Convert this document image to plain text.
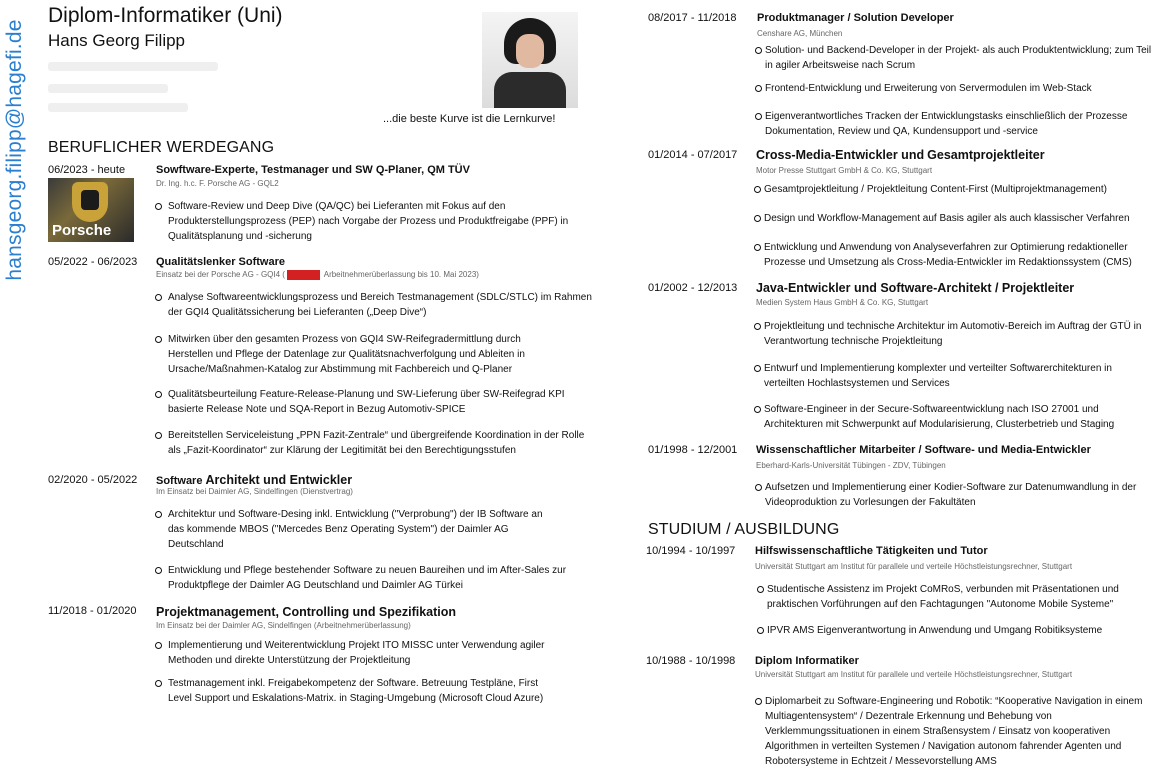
hansgeorg.filipp@hagefi.de
Diplom-Informatiker (Uni)
Hans Georg Filipp
...die beste Kurve ist die Lernkurve!
BERUFLICHER WERDEGANG
Porsche
06/2023 - heute	Sowftware-Experte, Testmanager und SW Q-Planer, QM TÜV
Dr. Ing. h.c. F. Porsche AG - GQL2
Software-Review und Deep Dive (QA/QC) bei Lieferanten mit Fokus auf den Produkterstellungsprozess (PEP) nach Vorgabe der Prozess und Produktfreigabe (PPF) in Qualitätsplanung und -sicherung
05/2022 - 06/2023 Qualitätslenker Software
Einsatz bei der Porsche AG - GQI4 (	Arbeitnehmerüberlassung bis 10. Mai 2023)
Analyse Softwareentwicklungsprozess und Bereich Testmanagement (SDLC/STLC) im Rahmen der GQI4 Qualitätssicherung bei Lieferanten („Deep Dive“)
Mitwirken über den gesamten Prozess von GQI4 SW-Reifegradermittlung durch Herstellen und Pflege der Datenlage zur Qualitätsnachverfolgung und Ableiten in Ursache/Maßnahmen-Katalog zur Abstimmung mit Fachbereich und Q-Planer
Qualitätsbeurteilung Feature-Release-Planung und SW-Lieferung über SW-Reifegrad KPI basierte Release Note und SQA-Report in Bezug Automotiv-SPICE
Bereitstellen Serviceleistung „PPN Fazit-Zentrale“ und übergreifende Koordination in der Rolle als „Fazit-Koordinator“ zur Klärung der Legitimität bei den Berechtigungsstufen
02/2020 - 05/2022 Software Architekt und Entwickler
Im Einsatz bei Daimler AG, Sindelfingen (Dienstvertrag)
Architektur und Software-Desing inkl. Entwicklung ("Verprobung") der IB Software an das kommende MBOS ("Mercedes Benz Operating System") der Daimler AG Deutschland
Entwicklung und Pflege bestehender Software zu neuen Baureihen und im After-Sales zur Produktpflege der Daimler AG Deutschland und Daimler AG Türkei
11/2018 - 01/2020 Projektmanagement, Controlling und Spezifikation
Im Einsatz bei der Daimler AG, Sindelfingen (Arbeitnehmerüberlassung)
Implementierung und Weiterentwicklung Projekt ITO MISSC unter Verwendung agiler Methoden und direkte Unterstützung der Projektleitung
Testmanagement inkl. Freigabekompetenz der Software. Betreuung Testpläne, First Level Support und Eskalations-Matrix. in Staging-Umgebung (Microsoft Cloud Azure)
08/2017 - 11/2018 Produktmanager / Solution Developer
Censhare AG, München
Solution- und Backend-Developer in der Projekt- als auch Produktentwicklung; zum Teil in agiler Arbeitsweise nach Scrum
Frontend-Entwicklung und Erweiterung von Servermodulen im Web-Stack
Eigenverantwortliches Tracken der Entwicklungstasks einschließlich der Prozesse Dokumentation, Review und QA, Kundensupport und -service
01/2014 - 07/2017 Cross-Media-Entwickler und Gesamtprojektleiter
Motor Presse Stuttgart GmbH & Co. KG, Stuttgart
Gesamtprojektleitung / Projektleitung Content-First (Multiprojektmanagement)
Design und Workflow-Management auf Basis agiler als auch klassischer Verfahren
Entwicklung und Anwendung von Analyseverfahren zur Optimierung redaktioneller Prozesse und Umsetzung als Cross-Media-Entwickler im Redaktionssystem (CMS)
01/2002 - 12/2013 Java-Entwickler und Software-Architekt / Projektleiter
Medien System Haus GmbH & Co. KG, Stuttgart
Projektleitung und technische Architektur im Automotiv-Bereich im Auftrag der GTÜ in Verantwortung technische Projektleitung
Entwurf und Implementierung komplexter und verteilter Softwarerchitekturen in verteilten Hochlastsystemen und Services
Software-Engineer in der Secure-Softwareentwicklung nach ISO 27001 und Architekturen mit Schwerpunkt auf Modularisierung, Clusterbetrieb und Staging
01/1998 - 12/2001 Wissenschaftlicher Mitarbeiter / Software- und Media-Entwickler
Eberhard-Karls-Universität Tübingen - ZDV, Tübingen
Aufsetzen und Implementierung einer Kodier-Software zur Datenumwandlung in der Videoproduktion zu Vorlesungen der Fakultäten
STUDIUM / AUSBILDUNG
10/1994 - 10/1997 Hilfswissenschaftliche Tätigkeiten und Tutor
Universität Stuttgart am Institut für parallele und verteile Höchstleistungsrechner, Stuttgart
Studentische Assistenz im Projekt CoMRoS, verbunden mit Präsentationen und praktischen Vorführungen auf den Fachtagungen "Autonome Mobile Systeme"
IPVR AMS Eigenverantwortung in Anwendung und Umgang Robitiksysteme
10/1988 - 10/1998 Diplom Informatiker
Universität Stuttgart am Institut für parallele und verteile Höchstleistungsrechner, Stuttgart
Diplomarbeit zu Software-Engineering und Robotik: “Kooperative Navigation in einem Multiagentensystem“ / Dezentrale Erkennung und Behebung von Verklemmungssituationen in einem Straßensystem / Einsatz von kooperativen Algorithmen in verteilten Systemen / Navigation autonom fahrender Agenten und Robotersysteme in Echtzeit / Messevorstellung AMS
